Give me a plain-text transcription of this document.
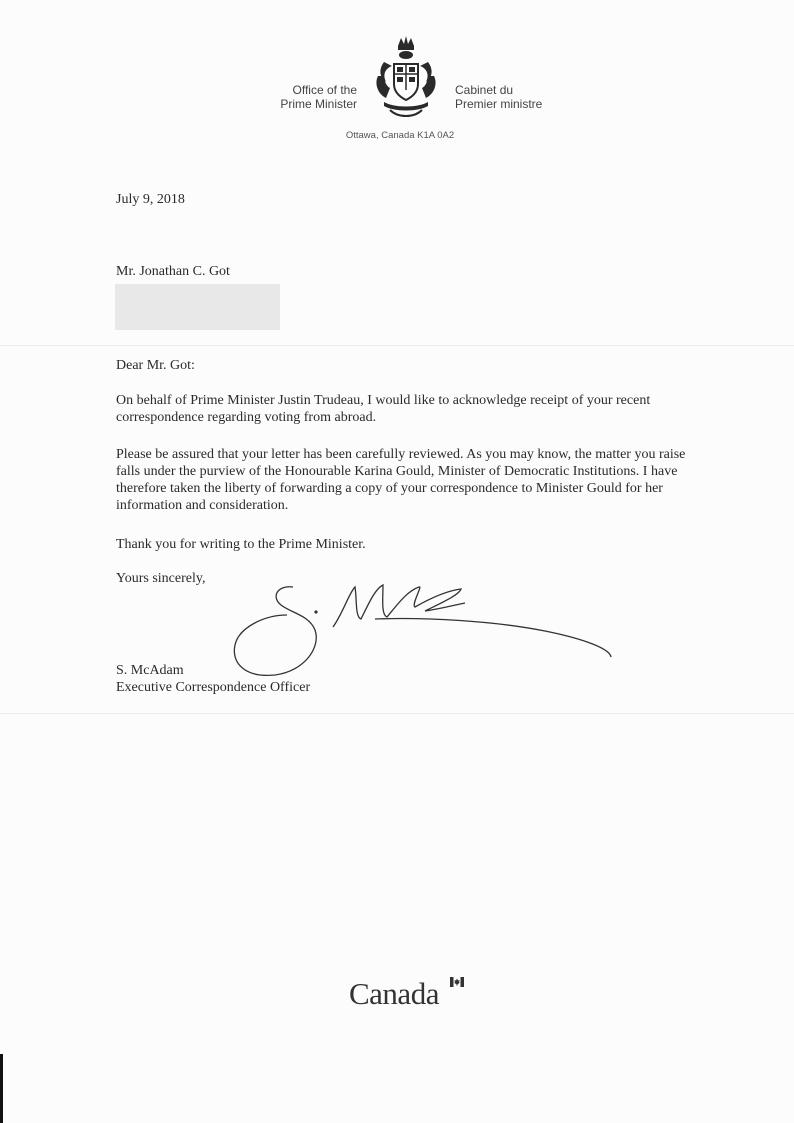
Office of the
Prime Minister
Cabinet du
Premier ministre
Ottawa, Canada K1A 0A2

July 9, 2018

Mr. Jonathan C. Got

Dear Mr. Got:

On behalf of Prime Minister Justin Trudeau, I would like to acknowledge receipt of your recent correspondence regarding voting from abroad.

Please be assured that your letter has been carefully reviewed. As you may know, the matter you raise falls under the purview of the Honourable Karina Gould, Minister of Democratic Institutions. I have therefore taken the liberty of forwarding a copy of your correspondence to Minister Gould for her information and consideration.

Thank you for writing to the Prime Minister.

Yours sincerely,

S. McAdam

Executive Correspondence Officer

Canada
